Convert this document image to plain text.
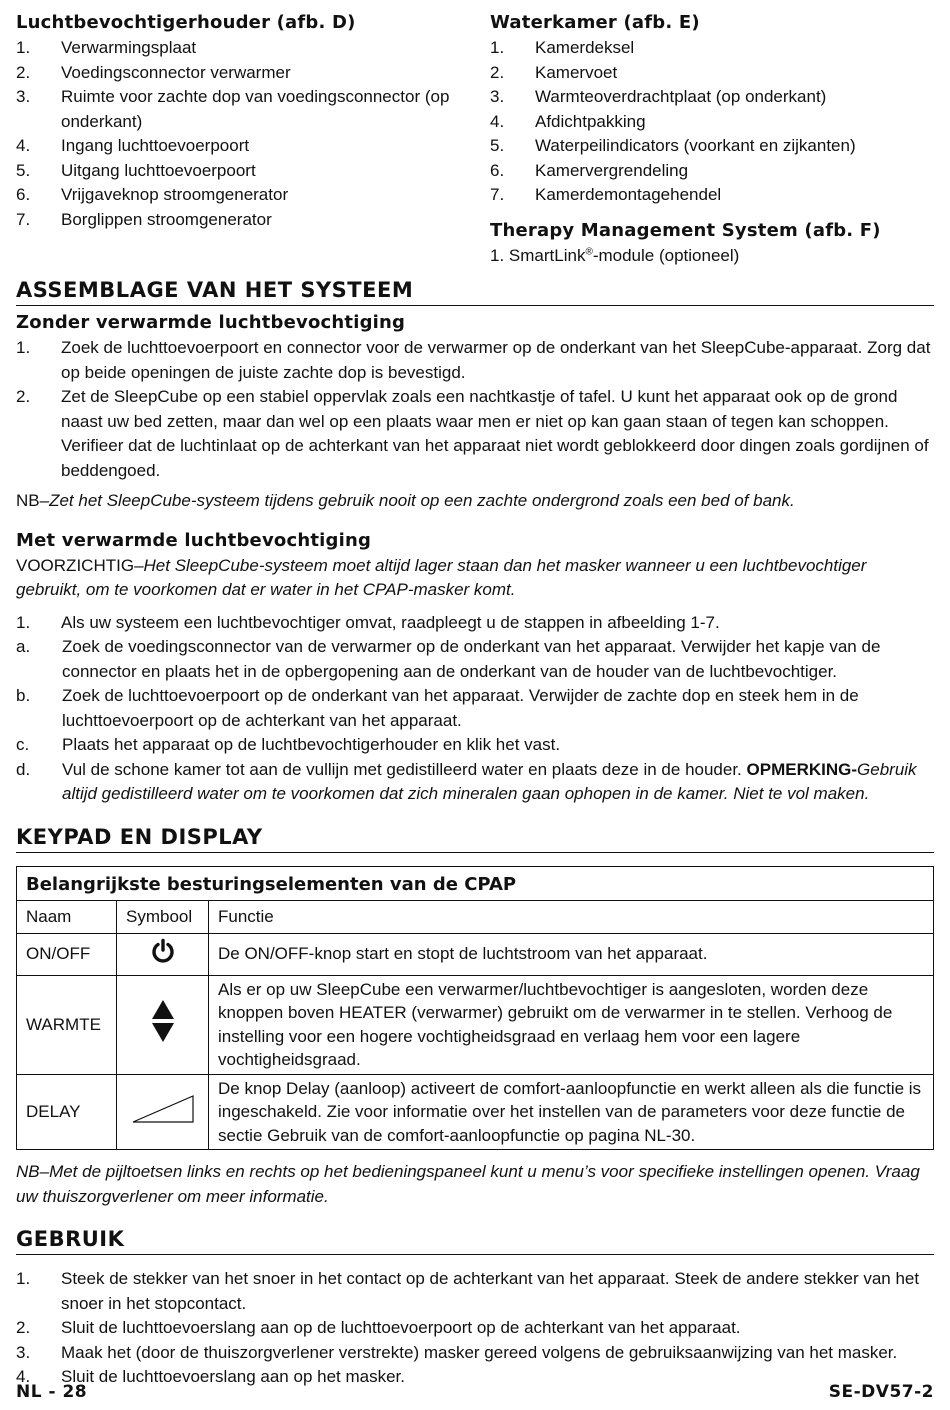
Luchtbevochtigerhouder (afb. D)
1.	Verwarmingsplaat
2.	Voedingsconnector verwarmer
3.	Ruimte voor zachte dop van voedingsconnector (op onderkant)
4.	Ingang luchttoevoerpoort
5.	Uitgang luchttoevoerpoort
6.	Vrijgaveknop stroomgenerator
7.	Borglippen stroomgenerator
Waterkamer (afb. E)
1.	Kamerdeksel
2.	Kamervoet
3.	Warmteoverdrachtplaat (op onderkant)
4.	Afdichtpakking
5.	Waterpeilindicators (voorkant en zijkanten)
6.	Kamervergrendeling
7.	Kamerdemontagehendel
Therapy Management System (afb. F)
1. SmartLink®-module (optioneel)
ASSEMBLAGE VAN HET SYSTEEM
Zonder verwarmde luchtbevochtiging
1.	Zoek de luchttoevoerpoort en connector voor de verwarmer op de onderkant van het SleepCube-apparaat. Zorg dat op beide openingen de juiste zachte dop is bevestigd.
2.	Zet de SleepCube op een stabiel oppervlak zoals een nachtkastje of tafel. U kunt het apparaat ook op de grond naast uw bed zetten, maar dan wel op een plaats waar men er niet op kan gaan staan of tegen kan schoppen. Verifieer dat de luchtinlaat op de achterkant van het apparaat niet wordt geblokkeerd door dingen zoals gordijnen of beddengoed.
NB–Zet het SleepCube-systeem tijdens gebruik nooit op een zachte ondergrond zoals een bed of bank.
Met verwarmde luchtbevochtiging
VOORZICHTIG–Het SleepCube-systeem moet altijd lager staan dan het masker wanneer u een luchtbevochtiger gebruikt, om te voorkomen dat er water in het CPAP-masker komt.
1.	Als uw systeem een luchtbevochtiger omvat, raadpleegt u de stappen in afbeelding 1-7.
a.	Zoek de voedingsconnector van de verwarmer op de onderkant van het apparaat. Verwijder het kapje van de connector en plaats het in de opbergopening aan de onderkant van de houder van de luchtbevochtiger.
b.	Zoek de luchttoevoerpoort op de onderkant van het apparaat. Verwijder de zachte dop en steek hem in de luchttoevoerpoort op de achterkant van het apparaat.
c.	Plaats het apparaat op de luchtbevochtigerhouder en klik het vast.
d.	Vul de schone kamer tot aan de vullijn met gedistilleerd water en plaats deze in de houder. OPMERKING-Gebruik altijd gedistilleerd water om te voorkomen dat zich mineralen gaan ophopen in de kamer. Niet te vol maken.
KEYPAD EN DISPLAY
Belangrijkste besturingselementen van de CPAP		
Naam	Symbool	Functie
ON/OFF		De ON/OFF-knop start en stopt de luchtstroom van het apparaat.
WARMTE		Als er op uw SleepCube een verwarmer/luchtbevochtiger is aangesloten, worden deze knoppen boven HEATER (verwarmer) gebruikt om de verwarmer in te stellen. Verhoog de instelling voor een hogere vochtigheidsgraad en verlaag hem voor een lagere vochtigheidsgraad.
DELAY		De knop Delay (aanloop) activeert de comfort-aanloopfunctie en werkt alleen als die functie is ingeschakeld. Zie voor informatie over het instellen van de parameters voor deze functie de sectie Gebruik van de comfort-aanloopfunctie op pagina NL-30.
NB–Met de pijltoetsen links en rechts op het bedieningspaneel kunt u menu’s voor specifieke instellingen openen. Vraag uw thuiszorgverlener om meer informatie.
GEBRUIK
1.	Steek de stekker van het snoer in het contact op de achterkant van het apparaat. Steek de andere stekker van het snoer in het stopcontact.
2.	Sluit de luchttoevoerslang aan op de luchttoevoerpoort op de achterkant van het apparaat.
3.	Maak het (door de thuiszorgverlener verstrekte) masker gereed volgens de gebruiksaanwijzing van het masker.
4.	Sluit de luchttoevoerslang aan op het masker.
NL - 28	SE-DV57-2
